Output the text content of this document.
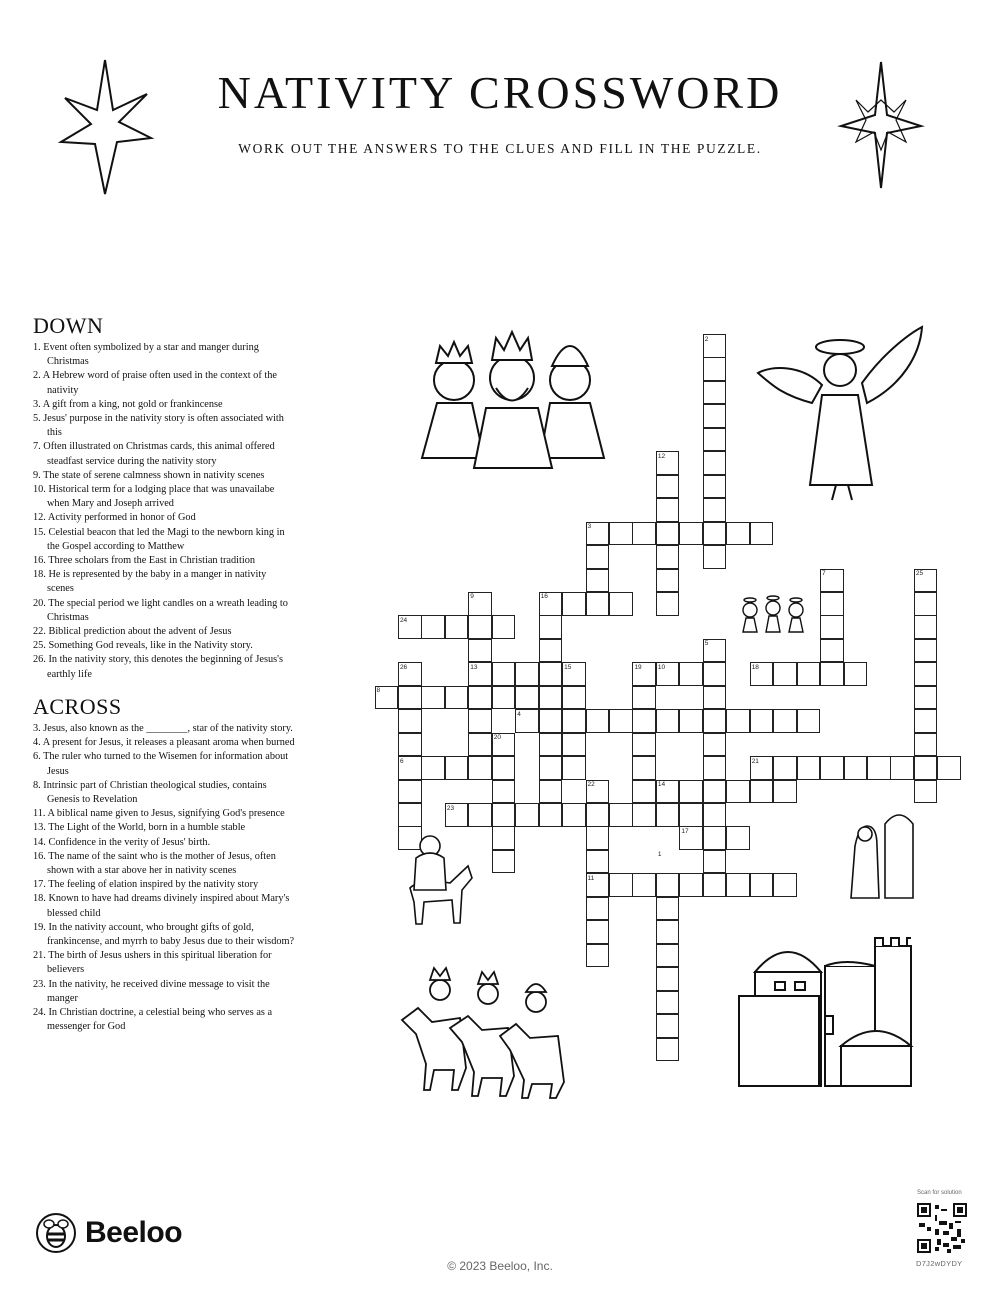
NATIVITY CROSSWORD
WORK OUT THE ANSWERS TO THE CLUES AND FILL IN THE PUZZLE.
DOWN
1. Event often symbolized by a star and manger during Christmas
2. A Hebrew word of praise often used in the context of the nativity
3. A gift from a king, not gold or frankincense
5. Jesus' purpose in the nativity story is often associated with this
7. Often illustrated on Christmas cards, this animal offered steadfast service during the nativity story
9. The state of serene calmness shown in nativity scenes
10. Historical term for a lodging place that was unavailabe when Mary and Joseph arrived
12. Activity performed in honor of God
15. Celestial beacon that led the Magi to the newborn king in the Gospel according to Matthew
16. Three scholars from the East in Christian tradition
18. He is represented by the baby in a manger in nativity scenes
20. The special period we light candles on a wreath leading to Christmas
22. Biblical prediction about the advent of Jesus
25. Something God reveals, like in the Nativity story.
26. In the nativity story, this denotes the beginning of Jesus's earthly life
ACROSS
3. Jesus, also known as the ________, star of the nativity story.
4. A present for Jesus, it releases a pleasant aroma when burned
6. The ruler who turned to the Wisemen for information about Jesus
8. Intrinsic part of Christian theological studies, contains Genesis to Revelation
11. A biblical name given to Jesus, signifying God's presence
13. The Light of the World, born in a humble stable
14. Confidence in the verity of Jesus' birth.
16. The name of the saint who is the mother of Jesus, often shown with a star above her in nativity scenes
17. The feeling of elation inspired by the nativity story
18. Known to have had dreams divinely inspired about Mary's blessed child
19. In the nativity account, who brought gifts of gold, frankincense, and myrrh to baby Jesus due to their wisdom?
21. The birth of Jesus ushers in this spiritual liberation for believers
23. In the nativity, he received divine message to visit the manger
24. In Christian doctrine, a celestial being who serves as a messenger for God
2
12
3
7	25
9	16
24
5
26	13	15	19 10	18
8
4
20
6	21
22	14
23
17
1
11
Beeloo
© 2023 Beeloo, Inc.
Scan for solution
D7J2wDYDY
